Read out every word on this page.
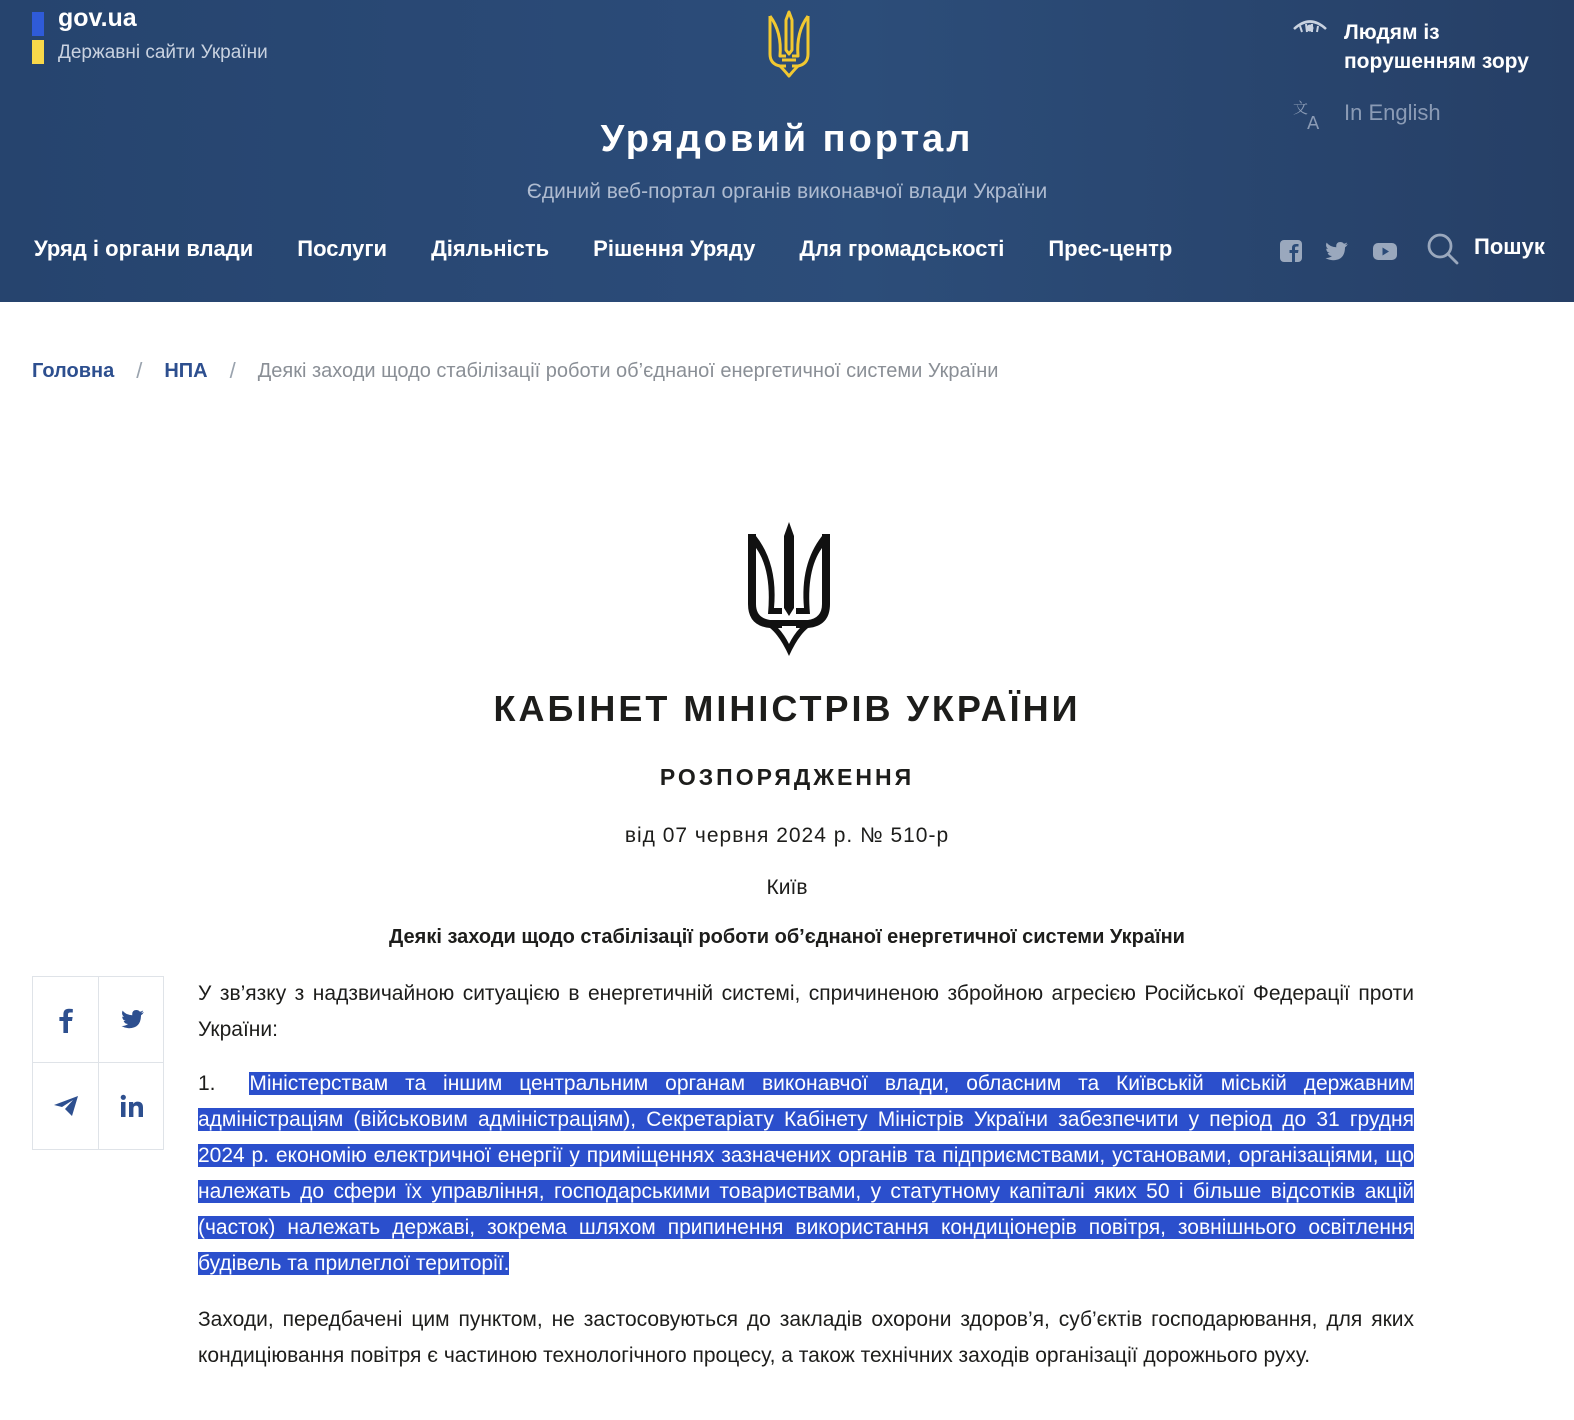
gov.ua
Державні сайти України
Урядовий портал
Єдиний веб-портал органів виконавчої влади України
Людям із порушенням зору
文
A In English
Уряд і органи влади Послуги Діяльність Рішення Уряду Для громадськості Прес-центр	Пошук
Головна / НПА / Деякі заходи щодо стабілізації роботи об’єднаної енергетичної системи України
КАБІНЕТ МІНІСТРІВ УКРАЇНИ
РОЗПОРЯДЖЕННЯ
від 07 червня 2024 р. № 510-р
Київ
Деякі заходи щодо стабілізації роботи об’єднаної енергетичної системи України
У зв’язку з надзвичайною ситуацією в енергетичній системі, спричиненою збройною агресією Російської Федерації проти України:
1. Міністерствам та іншим центральним органам виконавчої влади, обласним та Київській міській державним адміністраціям (військовим адміністраціям), Секретаріату Кабінету Міністрів України забезпечити у період до 31 грудня 2024 р. економію електричної енергії у приміщеннях зазначених органів та підприємствами, установами, організаціями, що належать до сфери їх управління, господарськими товариствами, у статутному капіталі яких 50 і більше відсотків акцій (часток) належать державі, зокрема шляхом припинення використання кондиціонерів повітря, зовнішнього освітлення будівель та прилеглої території.
Заходи, передбачені цим пунктом, не застосовуються до закладів охорони здоров’я, суб’єктів господарювання, для яких кондиціювання повітря є частиною технологічного процесу, а також технічних заходів організації дорожнього руху.
